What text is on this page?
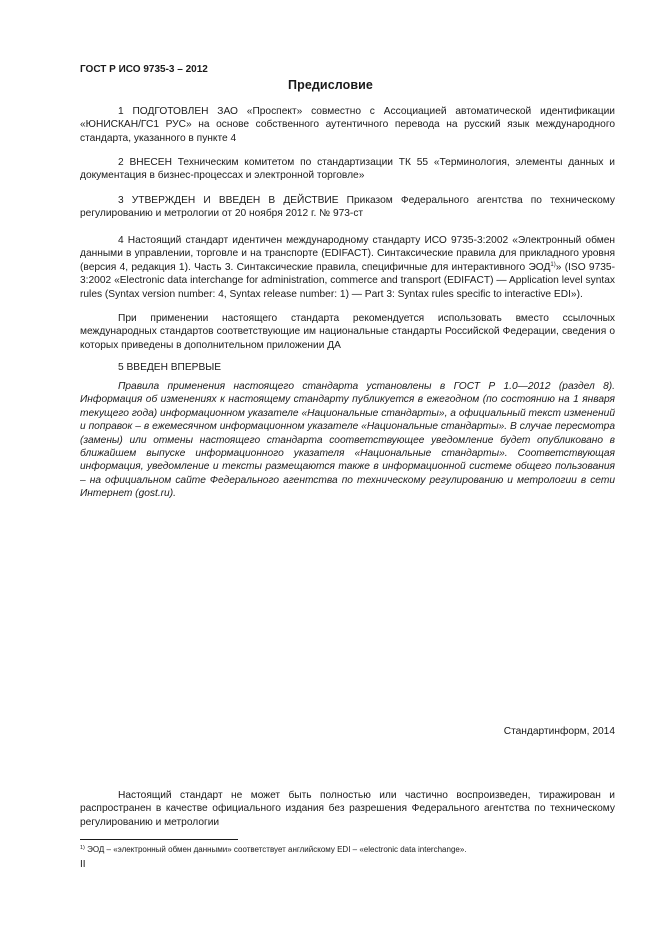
ГОСТ Р ИСО 9735-3 – 2012
Предисловие

1 ПОДГОТОВЛЕН ЗАО «Проспект» совместно с Ассоциацией автоматической идентификации «ЮНИСКАН/ГС1 РУС» на основе собственного аутентичного перевода на русский язык международного стандарта, указанного в пункте 4

2 ВНЕСЕН Техническим комитетом по стандартизации ТК 55 «Терминология, элементы данных и документация в бизнес-процессах и электронной торговле»

3 УТВЕРЖДЕН И ВВЕДЕН В ДЕЙСТВИЕ Приказом Федерального агентства по техническому регулированию и метрологии от 20 ноября 2012 г. № 973-ст

4 Настоящий стандарт идентичен международному стандарту ИСО 9735-3:2002 «Электронный обмен данными в управлении, торговле и на транспорте (EDIFACT). Синтаксические правила для прикладного уровня (версия 4, редакция 1). Часть 3. Синтаксические правила, специфичные для интерактивного ЭОД$^{1)}$» (ISO 9735-3:2002 «Electronic data interchange for administration, commerce and transport (EDIFACT) — Application level syntax rules (Syntax version number: 4, Syntax release number: 1) — Part 3: Syntax rules specific to interactive EDI»).

При применении настоящего стандарта рекомендуется использовать вместо ссылочных международных стандартов соответствующие им национальные стандарты Российской Федерации, сведения о которых приведены в дополнительном приложении ДА

5 ВВЕДЕН ВПЕРВЫЕ

Правила применения настоящего стандарта установлены в ГОСТ Р 1.0—2012 (раздел 8). Информация об изменениях к настоящему стандарту публикуется в ежегодном (по состоянию на 1 января текущего года) информационном указателе «Национальные стандарты», а официальный текст изменений и поправок – в ежемесячном информационном указателе «Национальные стандарты». В случае пересмотра (замены) или отмены настоящего стандарта соответствующее уведомление будет опубликовано в ближайшем выпуске информационного указателя «Национальные стандарты». Соответствующая информация, уведомление и тексты размещаются также в информационной системе общего пользования – на официальном сайте Федерального агентства по техническому регулированию и метрологии в сети Интернет (gost.ru).

Стандартинформ, 2014

Настоящий стандарт не может быть полностью или частично воспроизведен, тиражирован и распространен в качестве официального издания без разрешения Федерального агентства по техническому регулированию и метрологии

$^{1)}$ ЭОД – «электронный обмен данными» соответствует английскому EDI – «electronic data interchange».
II
